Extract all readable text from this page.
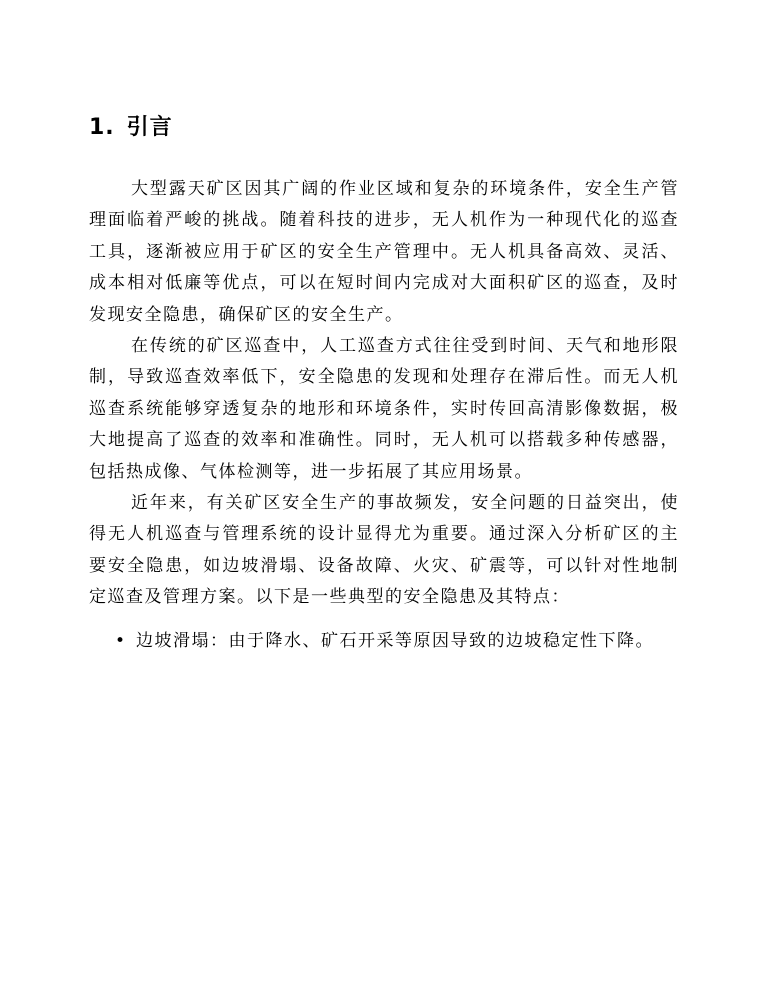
1. 引言

大型露天矿区因其广阔的作业区域和复杂的环境条件，安全生产管理面临着严峻的挑战。随着科技的进步，无人机作为一种现代化的巡查工具，逐渐被应用于矿区的安全生产管理中。无人机具备高效、灵活、成本相对低廉等优点，可以在短时间内完成对大面积矿区的巡查，及时发现安全隐患，确保矿区的安全生产。

在传统的矿区巡查中，人工巡查方式往往受到时间、天气和地形限制，导致巡查效率低下，安全隐患的发现和处理存在滞后性。而无人机巡查系统能够穿透复杂的地形和环境条件，实时传回高清影像数据，极大地提高了巡查的效率和准确性。同时，无人机可以搭载多种传感器，包括热成像、气体检测等，进一步拓展了其应用场景。

近年来，有关矿区安全生产的事故频发，安全问题的日益突出，使得无人机巡查与管理系统的设计显得尤为重要。通过深入分析矿区的主要安全隐患，如边坡滑塌、设备故障、火灾、矿震等，可以针对性地制定巡查及管理方案。以下是一些典型的安全隐患及其特点：

• 边坡滑塌：由于降水、矿石开采等原因导致的边坡稳定性下降。
